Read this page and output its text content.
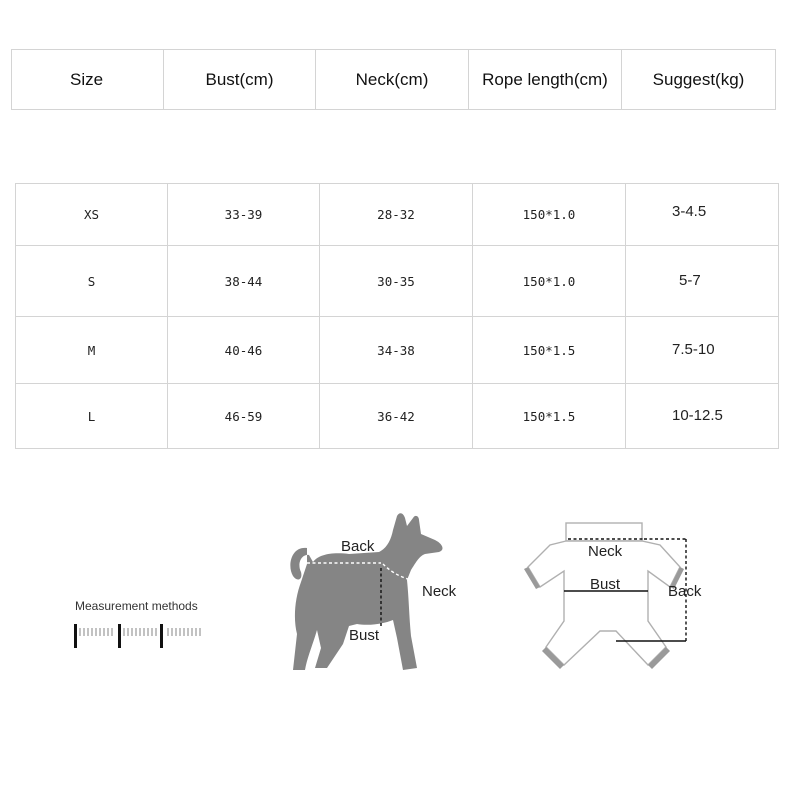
Size	Bust(cm)	Neck(cm)	Rope length(cm)	Suggest(kg)
XS	33-39	28-32	150*1.0	3-4.5
S	38-44	30-35	150*1.0	5-7
M	40-46	34-38	150*1.5	7.5-10
L	46-59	36-42	150*1.5	10-12.5
Measurement methods
Back
Neck
Bust
Neck
Bust	Back
